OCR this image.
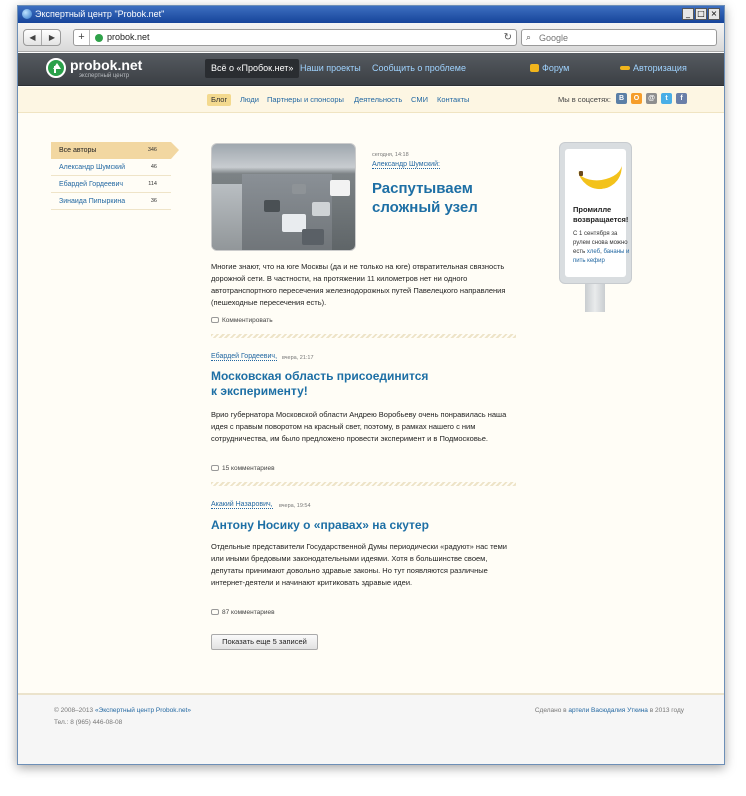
Экспертный центр "Probok.net"	_ □ ×
◀	▶	+	probok.net	↻ ⌕
Google
probok.net
экспертный центр
Всё о «Пробок.нет» Наши проекты Сообщить о проблеме	Форум	Авторизация
Блог	Люди Партнеры и спонсоры Деятельность СМИ Контакты	Мы в соцсетях:	В	О	@	t	f
Все авторы	346
Александр Шумский	46
Ебардей Гордеевич	114
Зинаида Пипыркина	36
сегодня, 14:18
Александр Шумский:
Распутываем
сложный узел
Многие знают, что на юге Москвы (да и не только на юге) отвратительная связность дорожной сети. В частности, на протяжении 11 километров нет ни одного автотранспортного пересечения железнодорожных путей Павелецкого направления (пешеходные пересечения есть).
Комментировать
Ебардей Гордеевич, вчера, 21:17
Московская область присоединится
к эксперименту!
Врио губернатора Московской области Андрею Воробьеву очень понравилась наша идея с правым поворотом на красный свет, поэтому, в рамках нашего с ним сотрудничества, им было предложено провести эксперимент и в Подмосковье.
15 комментариев
Акакий Назарович, вчера, 19:54
Антону Носику о «правах» на скутер
Отдельные представители Государственной Думы периодически «радуют» нас теми или иными бредовыми законодательными идеями. Хотя в большинстве своем, депутаты принимают довольно здравые законы. Но тут появляются различные интернет-деятели и начинают критиковать здравые идеи.
87 комментариев
Показать еще 5 записей
Промилле возвращается!
С 1 сентября за рулем снова можно есть хлеб, бананы и пить кефир
© 2008–2013 «Экспертный центр Probok.net»
Тел.: 8 (965) 446-08-08
Сделано в артели Васюдалия Уткина в 2013 году
